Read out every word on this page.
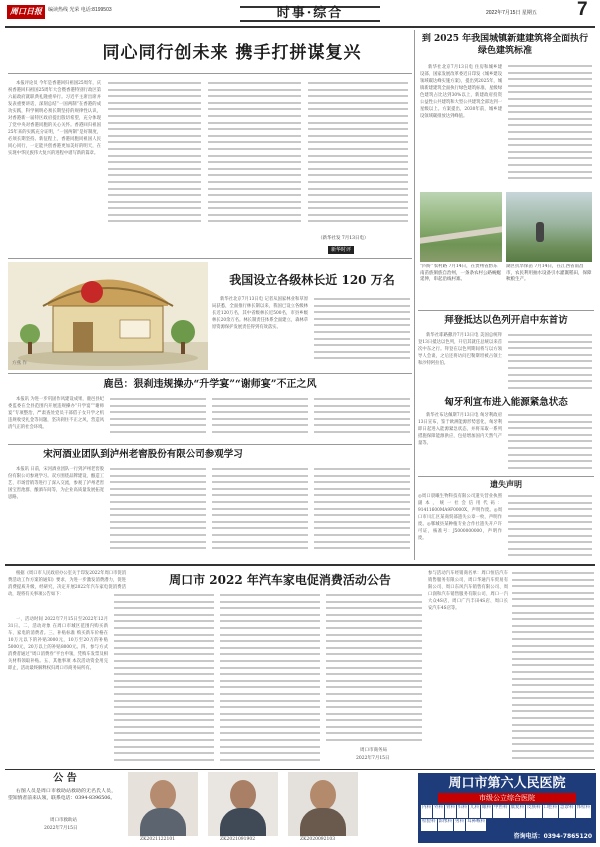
周口日报	编读热线 光荣 电话:8199503	时事·综合	2022年7月15日 星期五 7
同心同行创未来 携手打拼谋复兴
本报评论员 今年是香港回归祖国25周年，庆祝香港回归祖国25周年大会暨香港特别行政区第六届政府就职典礼隆重举行。习近平主席出席并发表重要讲话，深刻总结“一国两制”在香港的成功实践，科学阐明必须长期坚持的规律性认识，对香港新一届特区政府提出殷切希望，充分体现了党中央对香港同胞的关心关怀。香港回归祖国25年来的实践充分证明，“一国两制”是好制度，必须长期坚持。新征程上，香港同胞同祖国人民同心同行，一定能共创香港更加美好的明天，在实现中华民族伟大复兴的进程中谱写新的篇章。
（新华社发 7月13日电）
新华时评
到 2025 年我国城镇新建建筑将全面执行绿色建筑标准
新华社北京7月13日电 住房和城乡建设部、国家发展改革委近日印发《城乡建设领域碳达峰实施方案》，提出到2025年，城镇新建建筑全面执行绿色建筑标准，星级绿色建筑占比达到30%以上，新建政府投资公益性公共建筑和大型公共建筑全部达到一星级以上。方案提出，2030年前，城乡建设领域碳排放达到峰值。
“四好”农村路 7月14日，在贵州省黔东南苗族侗族自治州，一条条农村公路蜿蜒延伸，串起沿线村寨。
湖区抗旱保苗 7月14日，在江西省南昌市，农民利用抽水设备引水灌溉稻田，保障秋粮生产。
方燕 作
我国设立各级林长近 120 万名
新华社北京7月13日电 记者从国家林业和草原局获悉，全面推行林长制以来，我国已设立各级林长近120万名，其中省级林长近500名，市县乡级林长20余万名。林长制责任体系全面建立，森林草原资源保护发展责任得到有效落实。
鹿邑：狠刹违规操办“升学宴”“谢师宴”不正之风
本报讯 为进一步巩固作风建设成果，鹿邑县纪委监委在全县范围内开展违规操办“升学宴”“谢师宴”专项整治，严肃查处党员干部借子女升学之机违规收受礼金等问题，坚决刹住不正之风，营造风清气正的社会环境。
宋河酒业团队到泸州老窖股份有限公司参观学习
本报讯 日前，宋河酒业团队一行到泸州老窖股份有限公司参观学习。双方围绕品牌建设、酿造工艺、市场营销等进行了深入交流，参观了泸州老窖国宝窖池群、酿酒车间等，为企业高质量发展拓宽思路。
拜登抵达以色列开启中东首访
新华社耶路撒冷7月13日电 美国总统拜登13日抵达以色列，开启其就任总统以来首次中东之行。拜登在以色列期间将与以方领导人会谈，之后还将访问巴勒斯坦被占领土和沙特阿拉伯。
匈牙利宣布进入能源紧急状态
新华社布达佩斯7月13日电 匈牙利政府13日宣布，鉴于欧洲能源形势恶化，匈牙利即日起进入能源紧急状态，并将采取一系列措施保障能源供应，包括增加国内天然气产量等。
遗失声明
◎周口晨曦生物科技有限公司遗失营业执照副本，统一社会信用代码：91411600MA9F0000X，声明作废。◎周口市川汇区某商贸部遗失公章一枚，声明作废。◎郸城县某种植专业合作社遗失开户许可证，核准号：J5000000000，声明作废。
根据《周口市人民政府办公室关于印发2022年周口市促消费活动工作方案的通知》要求，为进一步激发消费潜力，促进消费提质升级，经研究，决定开展2022年汽车家电促消费活动，现将有关事项公告如下：
周口市 2022 年汽车家电促消费活动公告
一、活动时间 2022年7月15日至2022年12月31日。二、活动对象 在周口市城区范围内购买新车、家电的消费者。三、补贴标准 购买新车价格在10万元以下的补贴3000元，10万至20万的补贴5000元，20万以上的补贴8000元。四、参与方式 消费者通过“周口消费券”平台申领，凭购车发票及相关材料领取补贴。五、其他事项 本次活动资金用完即止，活动最终解释权归周口市商务局所有。
周口市商务局
2022年7月15日
参与活动汽车经销商名单：周口恒信汽车销售服务有限公司、周口华通汽车贸易有限公司、周口东风汽车销售有限公司、周口润和汽车销售服务有限公司、周口一汽大众4S店、周口广汽丰田4S店、周口长安汽车4S店等。
公 告
右图人员是周口市救助站救助的无名氏人员，望知情者前来认领，联系电话：0394-8396506。
周口市救助站
2022年7月15日
ZK2021122101	ZK2021091902	ZK2020092103
周口市第六人民医院
市级公立综合医院
内科 外科 骨科 妇科 儿科 眼科 中医科 康复科 皮肤科 口腔科 急诊科 体检科
检验科 影像科 男科 耳鼻喉科
咨询电话：0394-7865120
